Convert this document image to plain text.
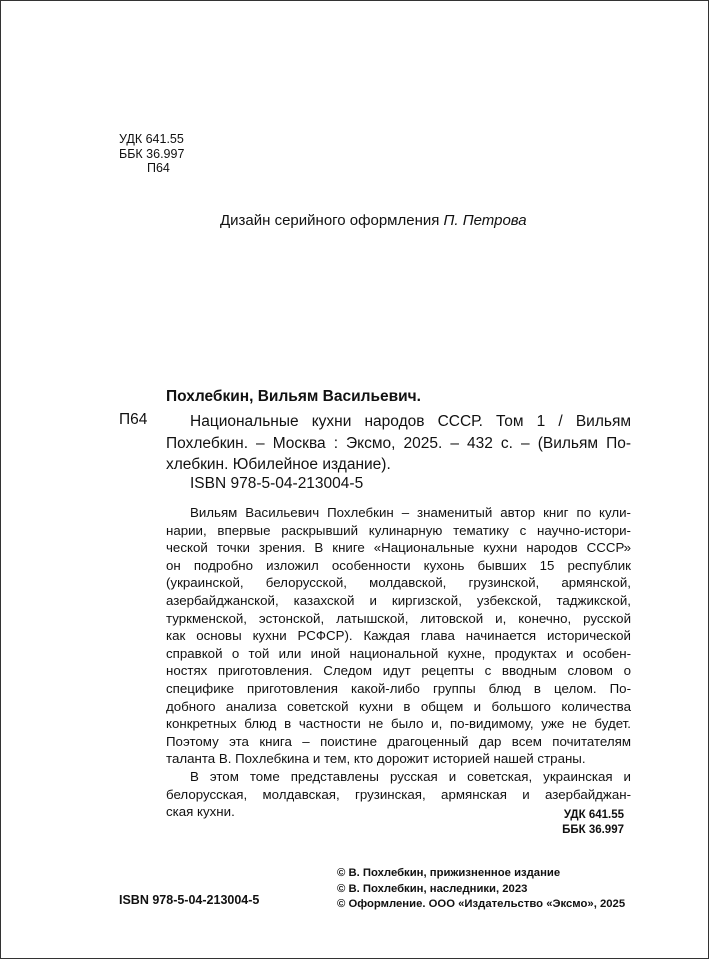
УДК 641.55
ББК 36.997
П64
Дизайн серийного оформления П. Петрова
Похлебкин, Вильям Васильевич.
П64	Национальные кухни народов СССР. Том 1 / Вильям
Похлебкин. – Москва : Эксмо, 2025. – 432 с. – (Вильям По-
хлебкин. Юбилейное издание).
ISBN 978-5-04-213004-5
Вильям Васильевич Похлебкин – знаменитый автор книг по кули-
нарии, впервые раскрывший кулинарную тематику с научно-истори-
ческой точки зрения. В книге «Национальные кухни народов СССР»
он подробно изложил особенности кухонь бывших 15 республик
(украинской, белорусской, молдавской, грузинской, армянской,
азербайджанской, казахской и киргизской, узбекской, таджикской,
туркменской, эстонской, латышской, литовской и, конечно, русской
как основы кухни РСФСР). Каждая глава начинается исторической
справкой о той или иной национальной кухне, продуктах и особен-
ностях приготовления. Следом идут рецепты с вводным словом о
специфике приготовления какой-либо группы блюд в целом. По-
добного анализа советской кухни в общем и большого количества
конкретных блюд в частности не было и, по-видимому, уже не будет.
Поэтому эта книга – поистине драгоценный дар всем почитателям
таланта В. Похлебкина и тем, кто дорожит историей нашей страны.
В этом томе представлены русская и советская, украинская и
белорусская, молдавская, грузинская, армянская и азербайджан-
ская кухни.	УДК 641.55
ББК 36.997
ISBN 978-5-04-213004-5
© В. Похлебкин, прижизненное издание
© В. Похлебкин, наследники, 2023
© Оформление. ООО «Издательство «Эксмо», 2025
